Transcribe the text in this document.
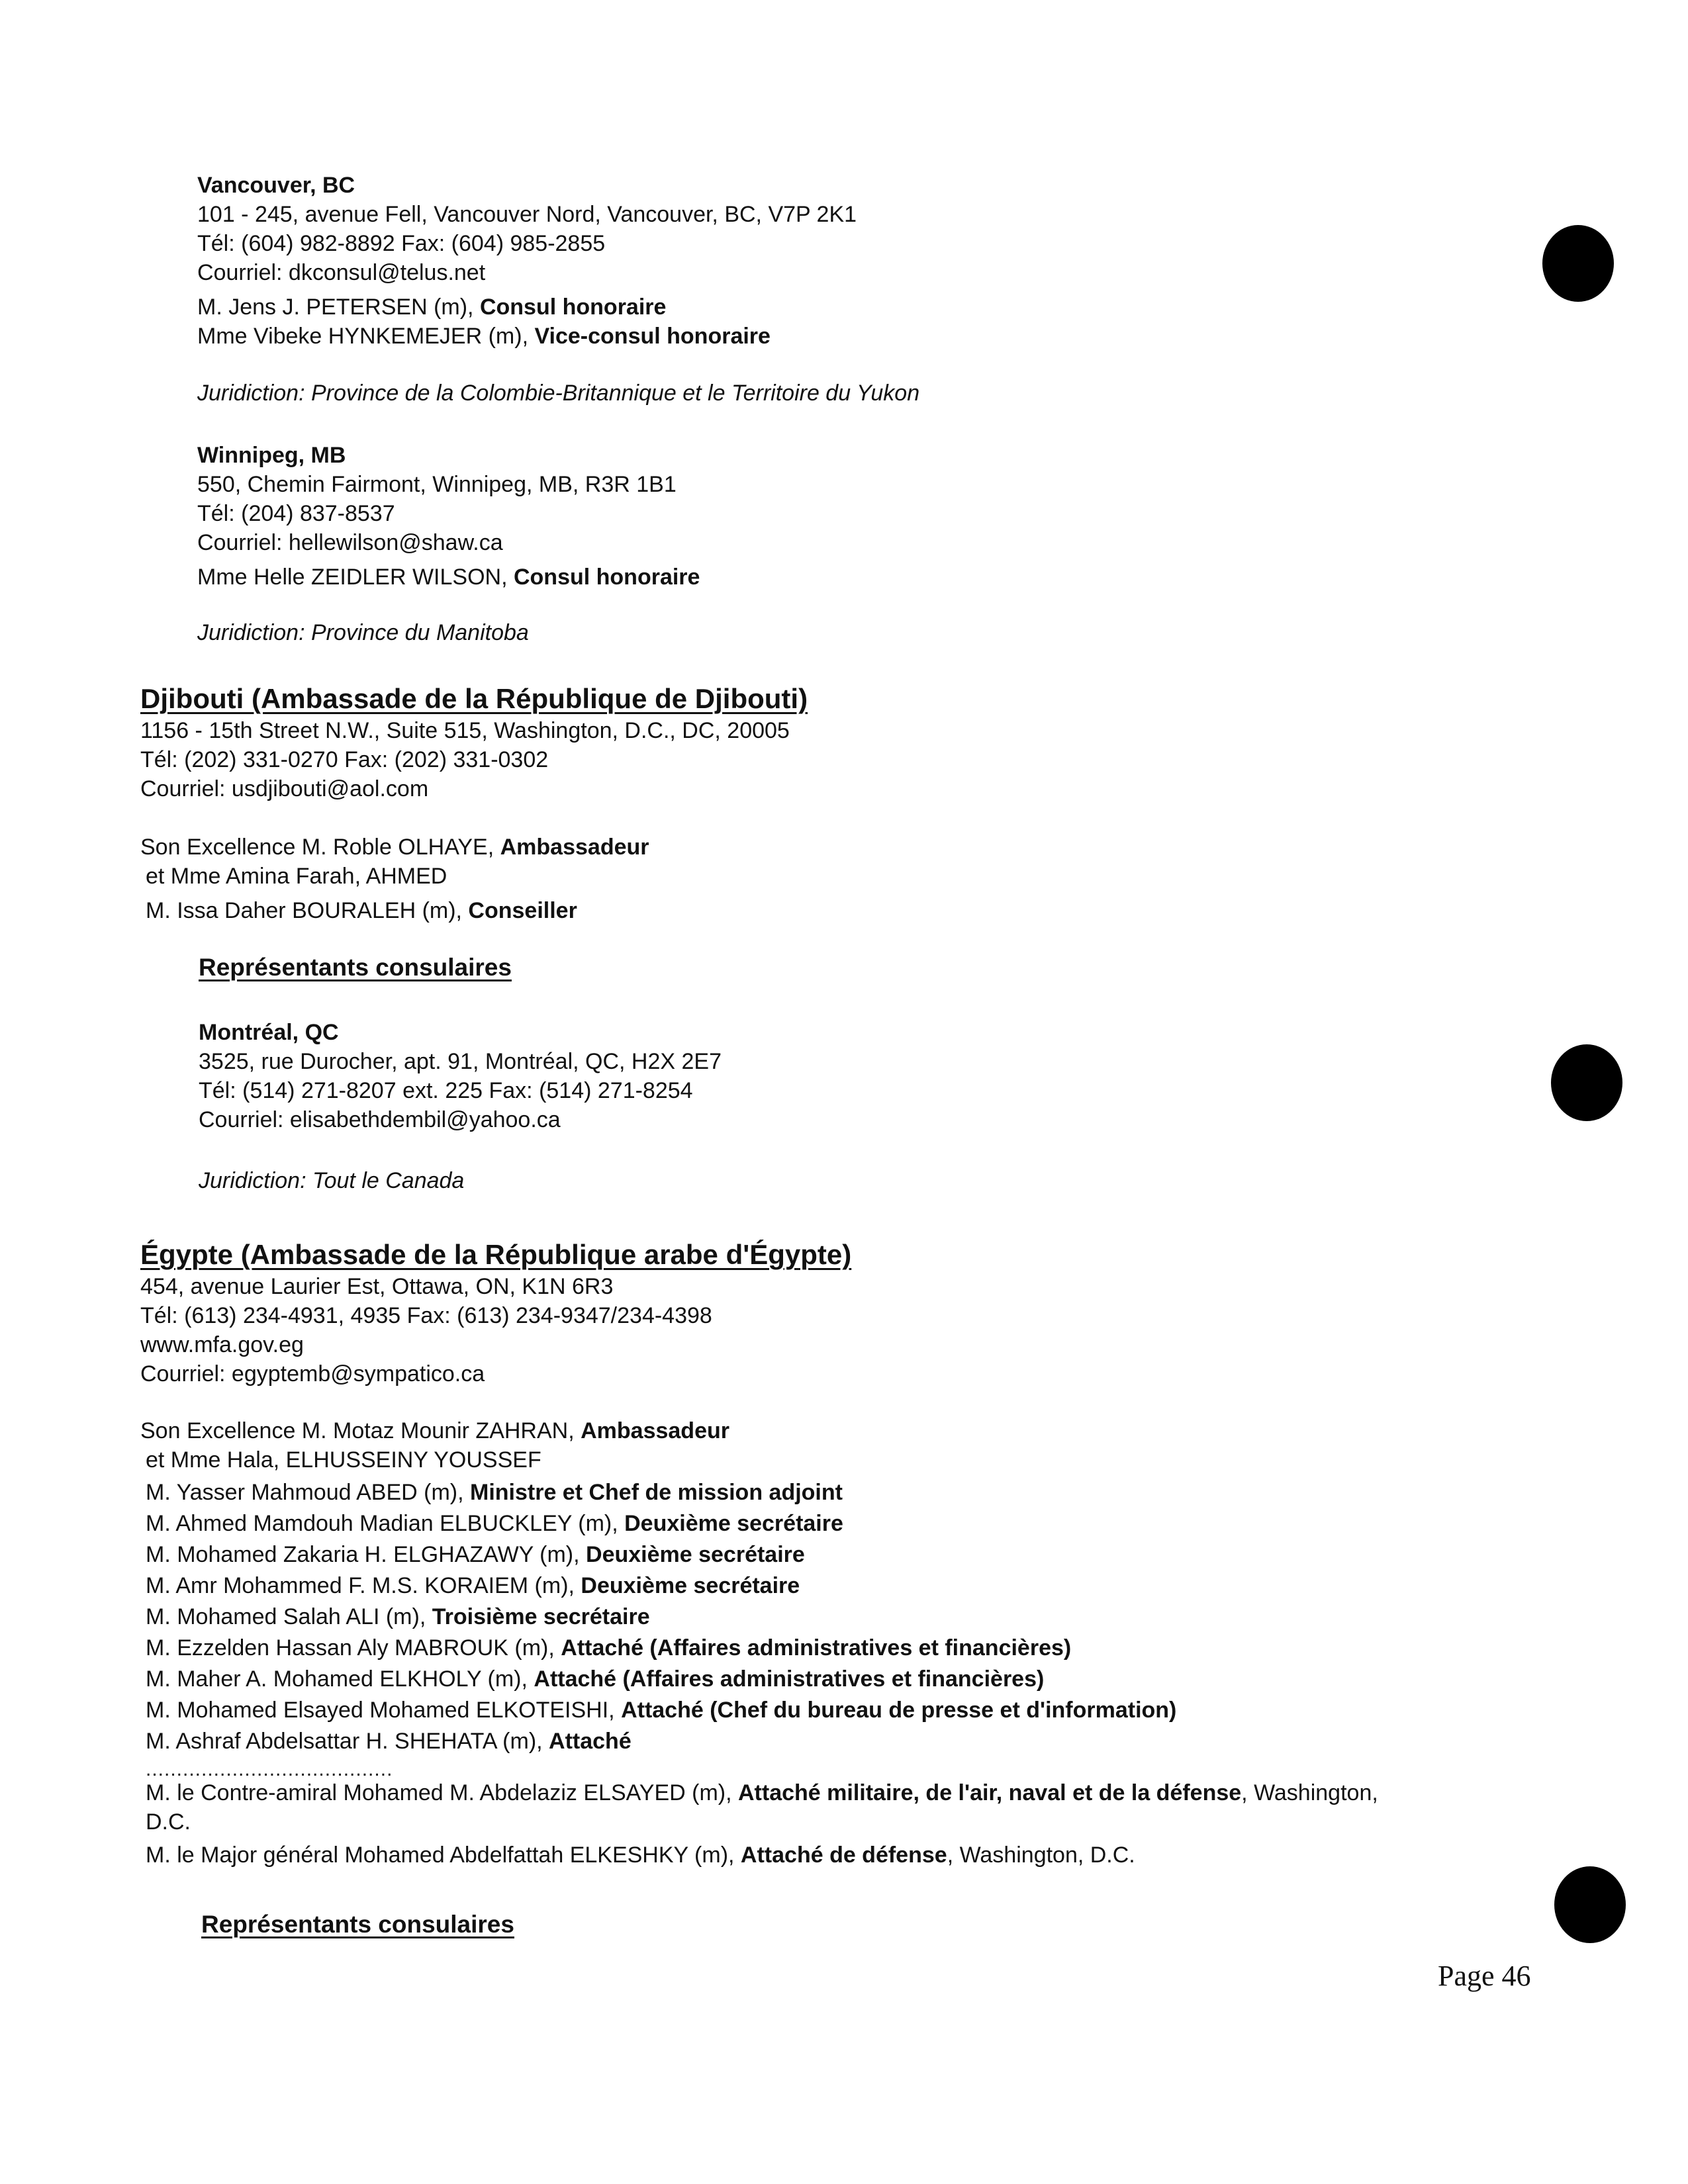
Vancouver, BC
101 - 245, avenue Fell, Vancouver Nord, Vancouver, BC, V7P 2K1
Tél: (604) 982-8892 Fax: (604) 985-2855
Courriel: dkconsul@telus.net
M. Jens J. PETERSEN (m), Consul honoraire
Mme Vibeke HYNKEMEJER (m), Vice-consul honoraire
Juridiction: Province de la Colombie-Britannique et le Territoire du Yukon
Winnipeg, MB
550, Chemin Fairmont, Winnipeg, MB, R3R 1B1
Tél: (204) 837-8537
Courriel: hellewilson@shaw.ca
Mme Helle ZEIDLER WILSON, Consul honoraire
Juridiction: Province du Manitoba
Djibouti (Ambassade de la République de Djibouti)
1156 - 15th Street N.W., Suite 515, Washington, D.C., DC, 20005
Tél: (202) 331-0270 Fax: (202) 331-0302
Courriel: usdjibouti@aol.com
Son Excellence M. Roble OLHAYE, Ambassadeur
et Mme Amina Farah, AHMED
M. Issa Daher BOURALEH (m), Conseiller
Représentants consulaires
Montréal, QC
3525, rue Durocher, apt. 91, Montréal, QC, H2X 2E7
Tél: (514) 271-8207 ext. 225 Fax: (514) 271-8254
Courriel: elisabethdembil@yahoo.ca
Juridiction: Tout le Canada
Égypte (Ambassade de la République arabe d'Égypte)
454, avenue Laurier Est, Ottawa, ON, K1N 6R3
Tél: (613) 234-4931, 4935 Fax: (613) 234-9347/234-4398
www.mfa.gov.eg
Courriel: egyptemb@sympatico.ca
Son Excellence M. Motaz Mounir ZAHRAN, Ambassadeur
et Mme Hala, ELHUSSEINY YOUSSEF
M. Yasser Mahmoud ABED (m), Ministre et Chef de mission adjoint
M. Ahmed Mamdouh Madian ELBUCKLEY (m), Deuxième secrétaire
M. Mohamed Zakaria H. ELGHAZAWY (m), Deuxième secrétaire
M. Amr Mohammed F. M.S. KORAIEM (m), Deuxième secrétaire
M. Mohamed Salah ALI (m), Troisième secrétaire
M. Ezzelden Hassan Aly MABROUK (m), Attaché (Affaires administratives et financières)
M. Maher A. Mohamed ELKHOLY (m), Attaché (Affaires administratives et financières)
M. Mohamed Elsayed Mohamed ELKOTEISHI, Attaché (Chef du bureau de presse et d'information)
M. Ashraf Abdelsattar H. SHEHATA (m), Attaché
........................................
M. le Contre-amiral Mohamed M. Abdelaziz ELSAYED (m), Attaché militaire, de l'air, naval et de la défense, Washington,
D.C.
M. le Major général Mohamed Abdelfattah ELKESHKY (m), Attaché de défense, Washington, D.C.
Représentants consulaires
Page 46
